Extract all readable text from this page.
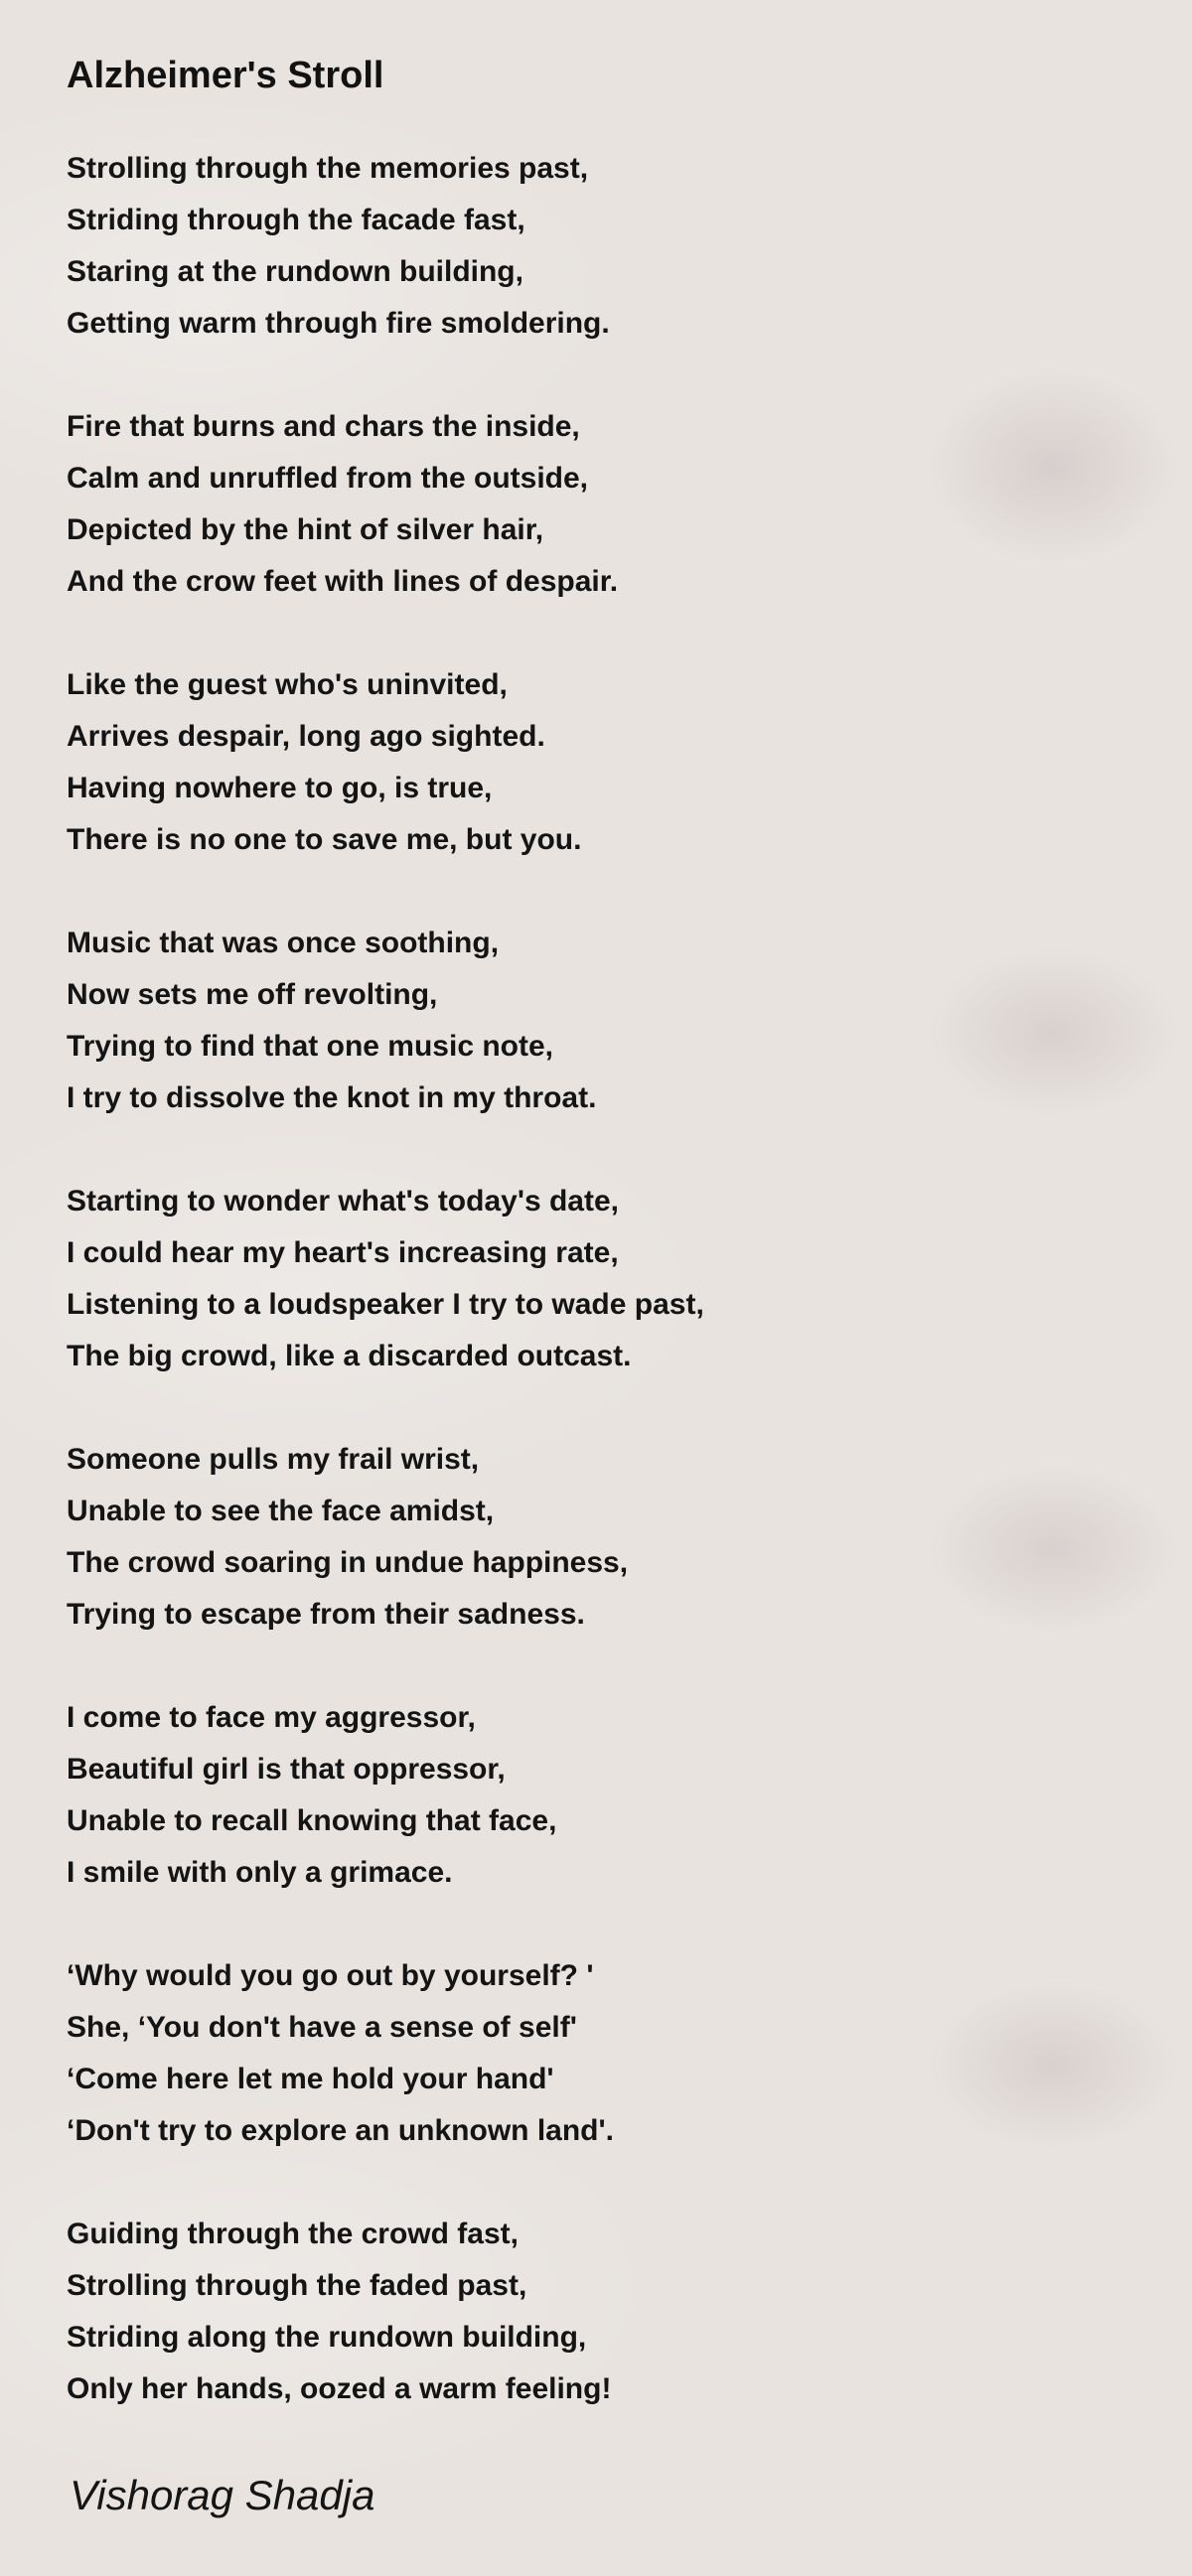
Alzheimer's Stroll
Strolling through the memories past,
Striding through the facade fast,
Staring at the rundown building,
Getting warm through fire smoldering.
Fire that burns and chars the inside,
Calm and unruffled from the outside,
Depicted by the hint of silver hair,
And the crow feet with lines of despair.
Like the guest who's uninvited,
Arrives despair, long ago sighted.
Having nowhere to go, is true,
There is no one to save me, but you.
Music that was once soothing,
Now sets me off revolting,
Trying to find that one music note,
I try to dissolve the knot in my throat.
Starting to wonder what's today's date,
I could hear my heart's increasing rate,
Listening to a loudspeaker I try to wade past,
The big crowd, like a discarded outcast.
Someone pulls my frail wrist,
Unable to see the face amidst,
The crowd soaring in undue happiness,
Trying to escape from their sadness.
I come to face my aggressor,
Beautiful girl is that oppressor,
Unable to recall knowing that face,
I smile with only a grimace.
‘Why would you go out by yourself? '
She, ‘You don't have a sense of self'
‘Come here let me hold your hand'
‘Don't try to explore an unknown land'.
Guiding through the crowd fast,
Strolling through the faded past,
Striding along the rundown building,
Only her hands, oozed a warm feeling!
Vishorag Shadja
